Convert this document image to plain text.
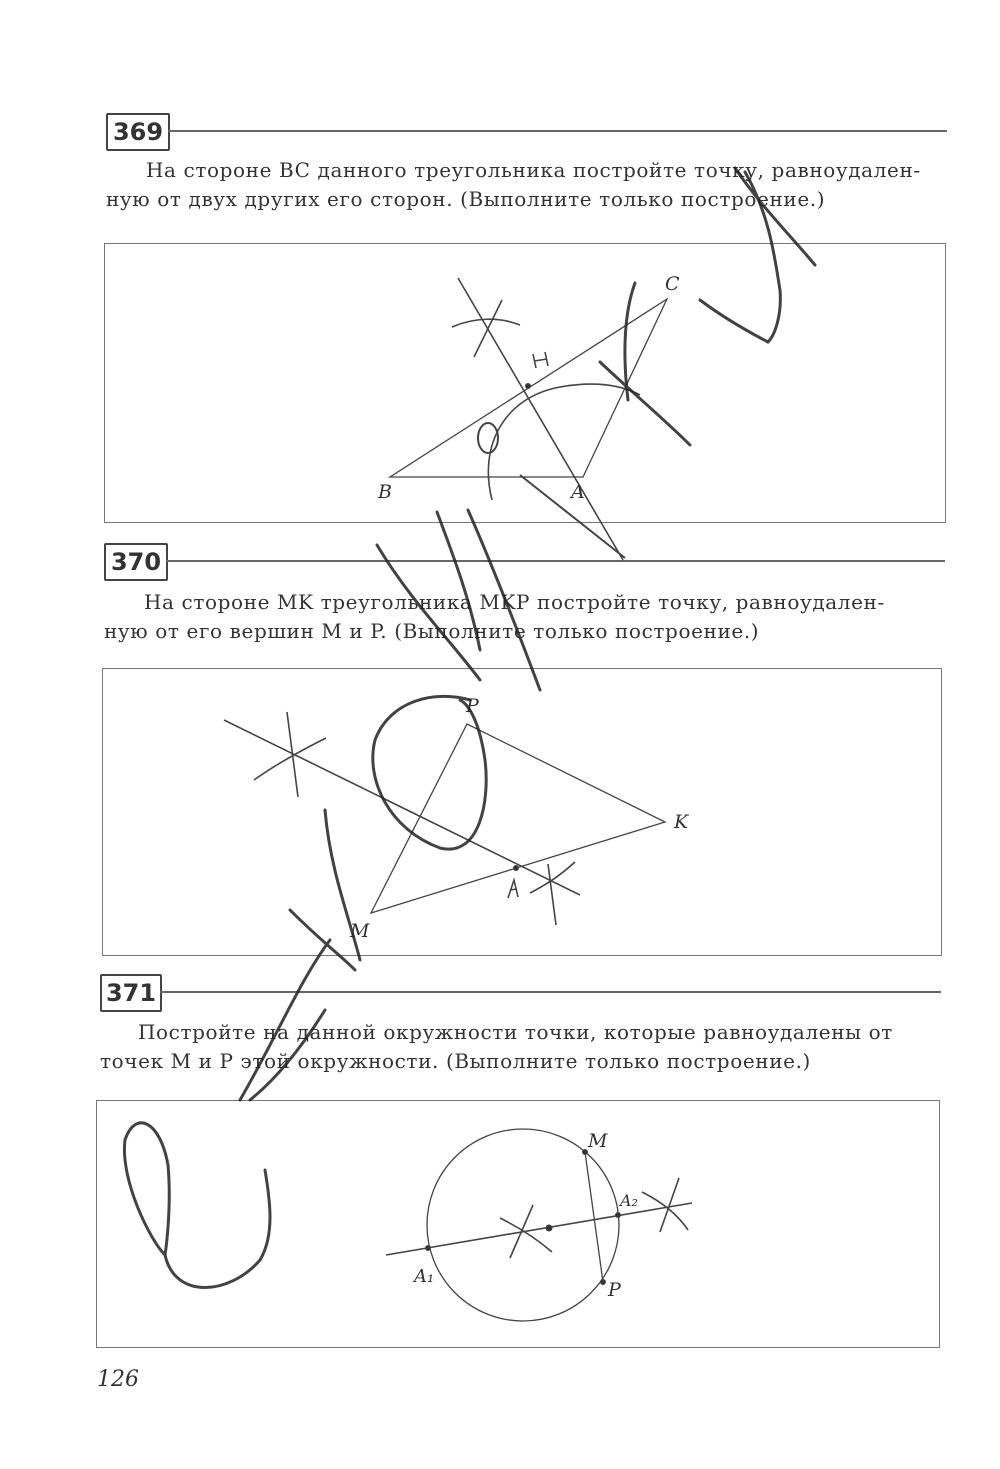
369
На стороне BC данного треугольника постройте точку, равноудален-
ную от двух других его сторон. (Выполните только построение.)
370
На стороне MK треугольника MKP постройте точку, равноудален-
ную от его вершин M и P. (Выполните только построение.)
371
Постройте на данной окружности точки, которые равноудалены от
точек M и P этой окружности. (Выполните только построение.)
126
B	A
C
P
K
M
M
P
A₁
A₂
